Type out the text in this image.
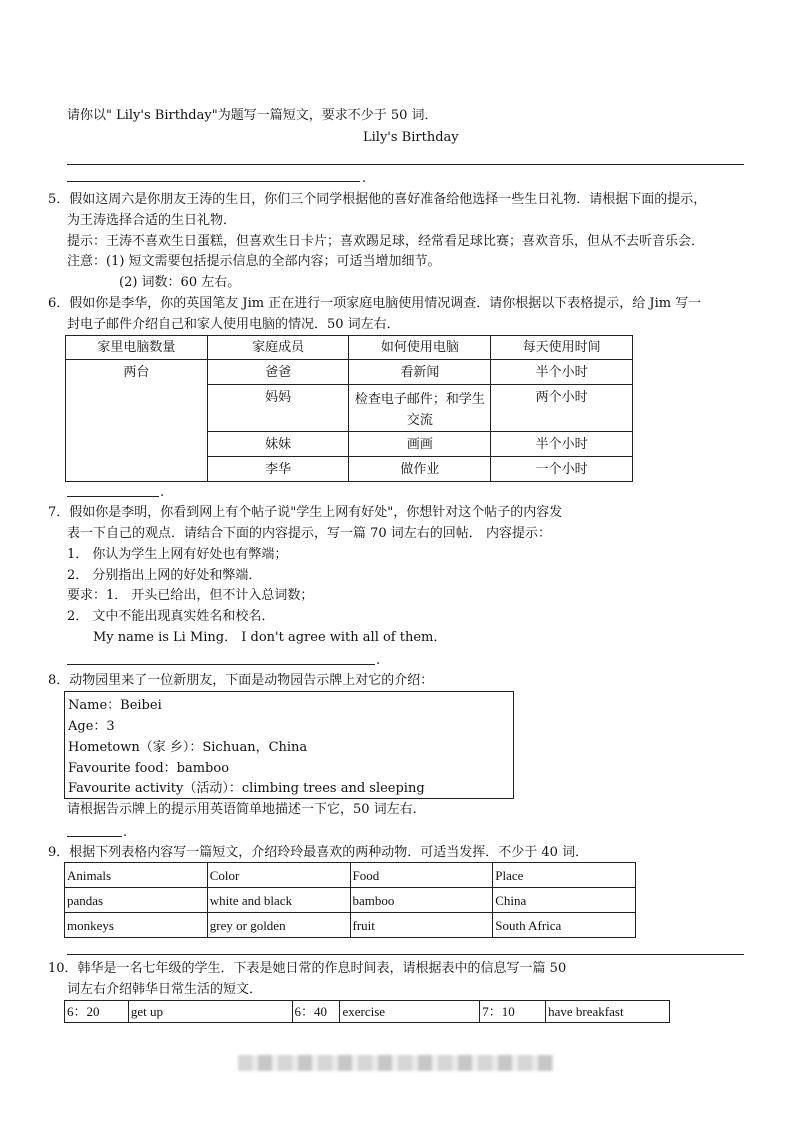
请你以" Lily's Birthday"为题写一篇短文，要求不少于 50 词．
Lily's Birthday
.
5．假如这周六是你朋友王涛的生日，你们三个同学根据他的喜好准备给他选择一些生日礼物．请根据下面的提示，
为王涛选择合适的生日礼物．
提示：王涛不喜欢生日蛋糕，但喜欢生日卡片；喜欢踢足球，经常看足球比赛；喜欢音乐，但从不去听音乐会．
注意：(1) 短文需要包括提示信息的全部内容；可适当增加细节。
(2) 词数：60 左右。
6．假如你是李华，你的英国笔友 Jim 正在进行一项家庭电脑使用情况调查．请你根据以下表格提示，给 Jim 写一
封电子邮件介绍自己和家人使用电脑的情况．50 词左右．
家里电脑数量	家庭成员	如何使用电脑	每天使用时间
两台	爸爸	看新闻	半个小时
	妈妈	检查电子邮件；和学生交流	两个小时
	妹妹	画画	半个小时
	李华	做作业	一个小时
.
7．假如你是李明，你看到网上有个帖子说"学生上网有好处"，你想针对这个帖子的内容发
表一下自己的观点．请结合下面的内容提示，写一篇 70 词左右的回帖． 内容提示：
1． 你认为学生上网有好处也有弊端；
2． 分别指出上网的好处和弊端．
要求：1． 开头已给出，但不计入总词数；
2． 文中不能出现真实姓名和校名．
My name is Li Ming． I don't agree with all of them．
.
8．动物园里来了一位新朋友，下面是动物园告示牌上对它的介绍：
Name：Beibei
Age：3
Hometown（家 乡）：Sichuan，China
Favourite food：bamboo
Favourite activity（活动）：climbing trees and sleeping
请根据告示牌上的提示用英语简单地描述一下它，50 词左右．
.
9．根据下列表格内容写一篇短文，介绍玲玲最喜欢的两种动物．可适当发挥．不少于 40 词．
Animals	Color	Food	Place
pandas	white and black	bamboo	China
monkeys	grey or golden	fruit	South Africa
10．韩华是一名七年级的学生．下表是她日常的作息时间表，请根据表中的信息写一篇 50
词左右介绍韩华日常生活的短文．
6：20	get up	6：40	exercise	7：10	have breakfast
